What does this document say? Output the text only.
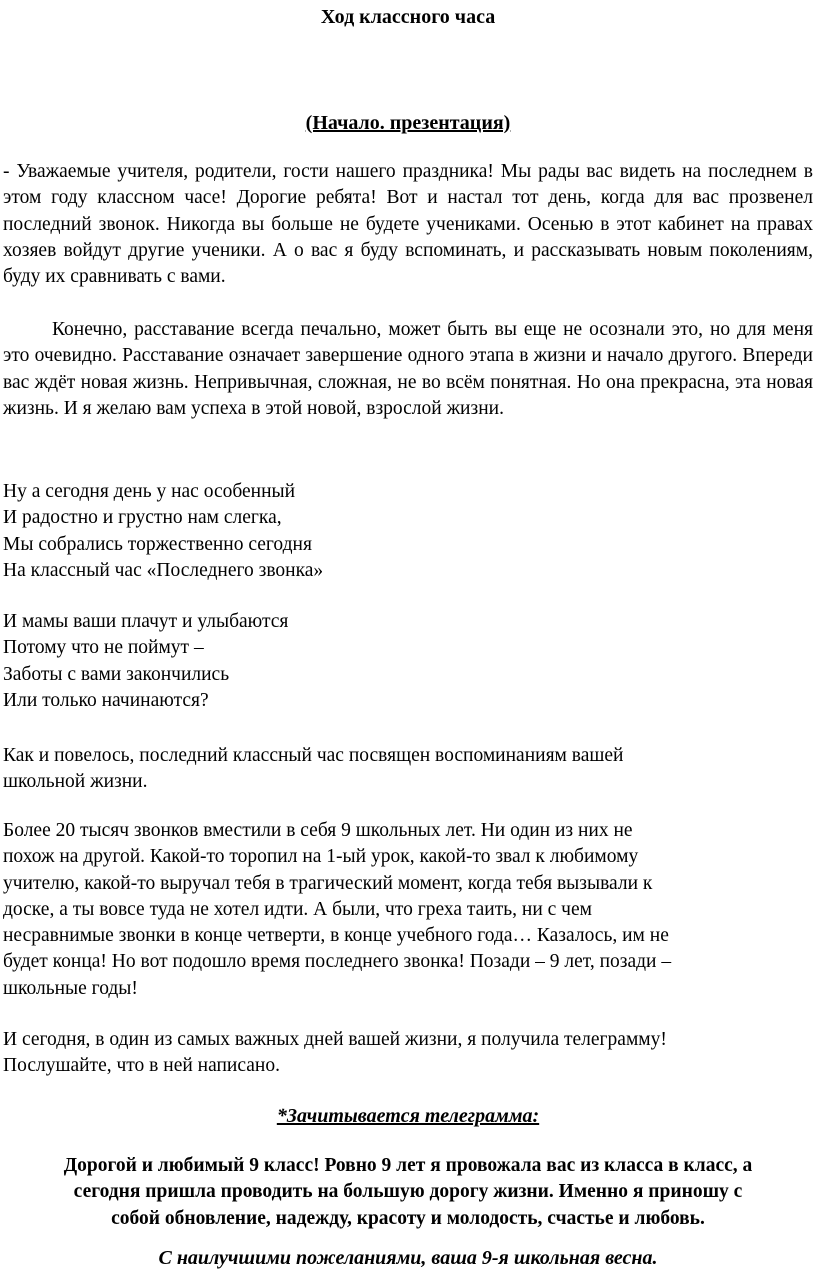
Ход классного часа
(Начало. презентация)

- Уважаемые учителя, родители, гости нашего праздника! Мы рады вас видеть на последнем в этом году классном часе! Дорогие ребята! Вот и настал тот день, когда для вас прозвенел последний звонок. Никогда вы больше не будете учениками. Осенью в этот кабинет на правах хозяев войдут другие ученики. А о вас я буду вспоминать, и рассказывать новым поколениям, буду их сравнивать с вами.

Конечно, расставание всегда печально, может быть вы еще не осознали это, но для меня это очевидно. Расставание означает завершение одного этапа в жизни и начало другого. Впереди вас ждёт новая жизнь. Непривычная, сложная, не во всём понятная. Но она прекрасна, эта новая жизнь. И я желаю вам успеха в этой новой, взрослой жизни.

Ну а сегодня день у нас особенный
И радостно и грустно нам слегка,
Мы собрались торжественно сегодня
На классный час «Последнего звонка»
И мамы ваши плачут и улыбаются
Потому что не поймут –
Заботы с вами закончились
Или только начинаются?
Как и повелось, последний классный час посвящен воспоминаниям вашей
школьной жизни.
Более 20 тысяч звонков вместили в себя 9 школьных лет. Ни один из них не
похож на другой. Какой-то торопил на 1-ый урок, какой-то звал к любимому
учителю, какой-то выручал тебя в трагический момент, когда тебя вызывали к
доске, а ты вовсе туда не хотел идти. А были, что греха таить, ни с чем
несравнимые звонки в конце четверти, в конце учебного года… Казалось, им не
будет конца! Но вот подошло время последнего звонка! Позади – 9 лет, позади –
школьные годы!
И сегодня, в один из самых важных дней вашей жизни, я получила телеграмму!
Послушайте, что в ней написано.
*Зачитывается телеграмма:
Дорогой и любимый 9 класс! Ровно 9 лет я провожала вас из класса в класс, а
сегодня пришла проводить на большую дорогу жизни. Именно я приношу с
собой обновление, надежду, красоту и молодость, счастье и любовь.
С наилучшими пожеланиями, ваша 9-я школьная весна.
